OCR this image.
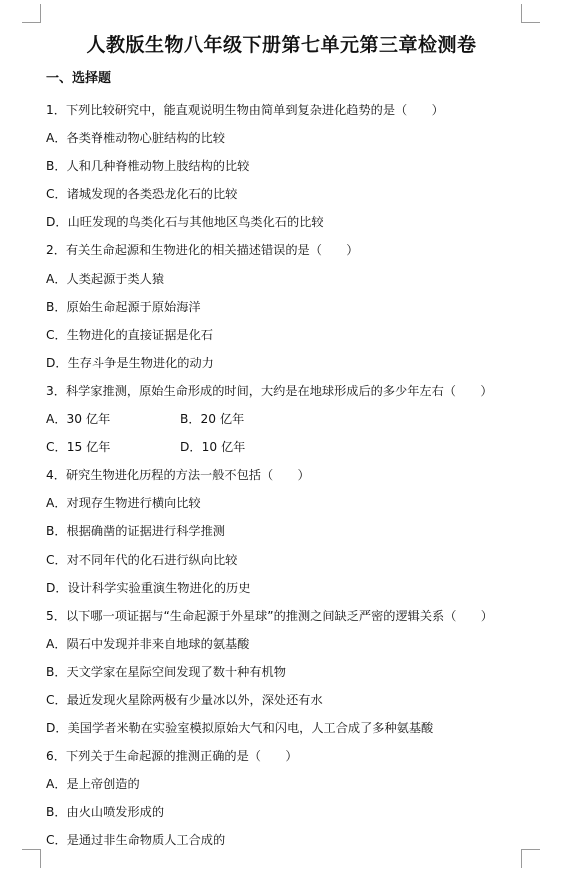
人教版生物八年级下册第七单元第三章检测卷
一、选择题
1．下列比较研究中，能直观说明生物由简单到复杂进化趋势的是（　　）
A．各类脊椎动物心脏结构的比较
B．人和几种脊椎动物上肢结构的比较
C．诸城发现的各类恐龙化石的比较
D．山旺发现的鸟类化石与其他地区鸟类化石的比较
2．有关生命起源和生物进化的相关描述错误的是（　　）
A．人类起源于类人猿
B．原始生命起源于原始海洋
C．生物进化的直接证据是化石
D．生存斗争是生物进化的动力
3．科学家推测，原始生命形成的时间，大约是在地球形成后的多少年左右（　　）
A．30 亿年	B．20 亿年
C．15 亿年	D．10 亿年
4．研究生物进化历程的方法一般不包括（　　）
A．对现存生物进行横向比较
B．根据确凿的证据进行科学推测
C．对不同年代的化石进行纵向比较
D．设计科学实验重演生物进化的历史
5．以下哪一项证据与“生命起源于外星球”的推测之间缺乏严密的逻辑关系（　　）
A．陨石中发现并非来自地球的氨基酸
B．天文学家在星际空间发现了数十种有机物
C．最近发现火星除两极有少量冰以外，深处还有水
D．美国学者米勒在实验室模拟原始大气和闪电，人工合成了多种氨基酸
6．下列关于生命起源的推测正确的是（　　）
A．是上帝创造的
B．由火山喷发形成的
C．是通过非生命物质人工合成的
